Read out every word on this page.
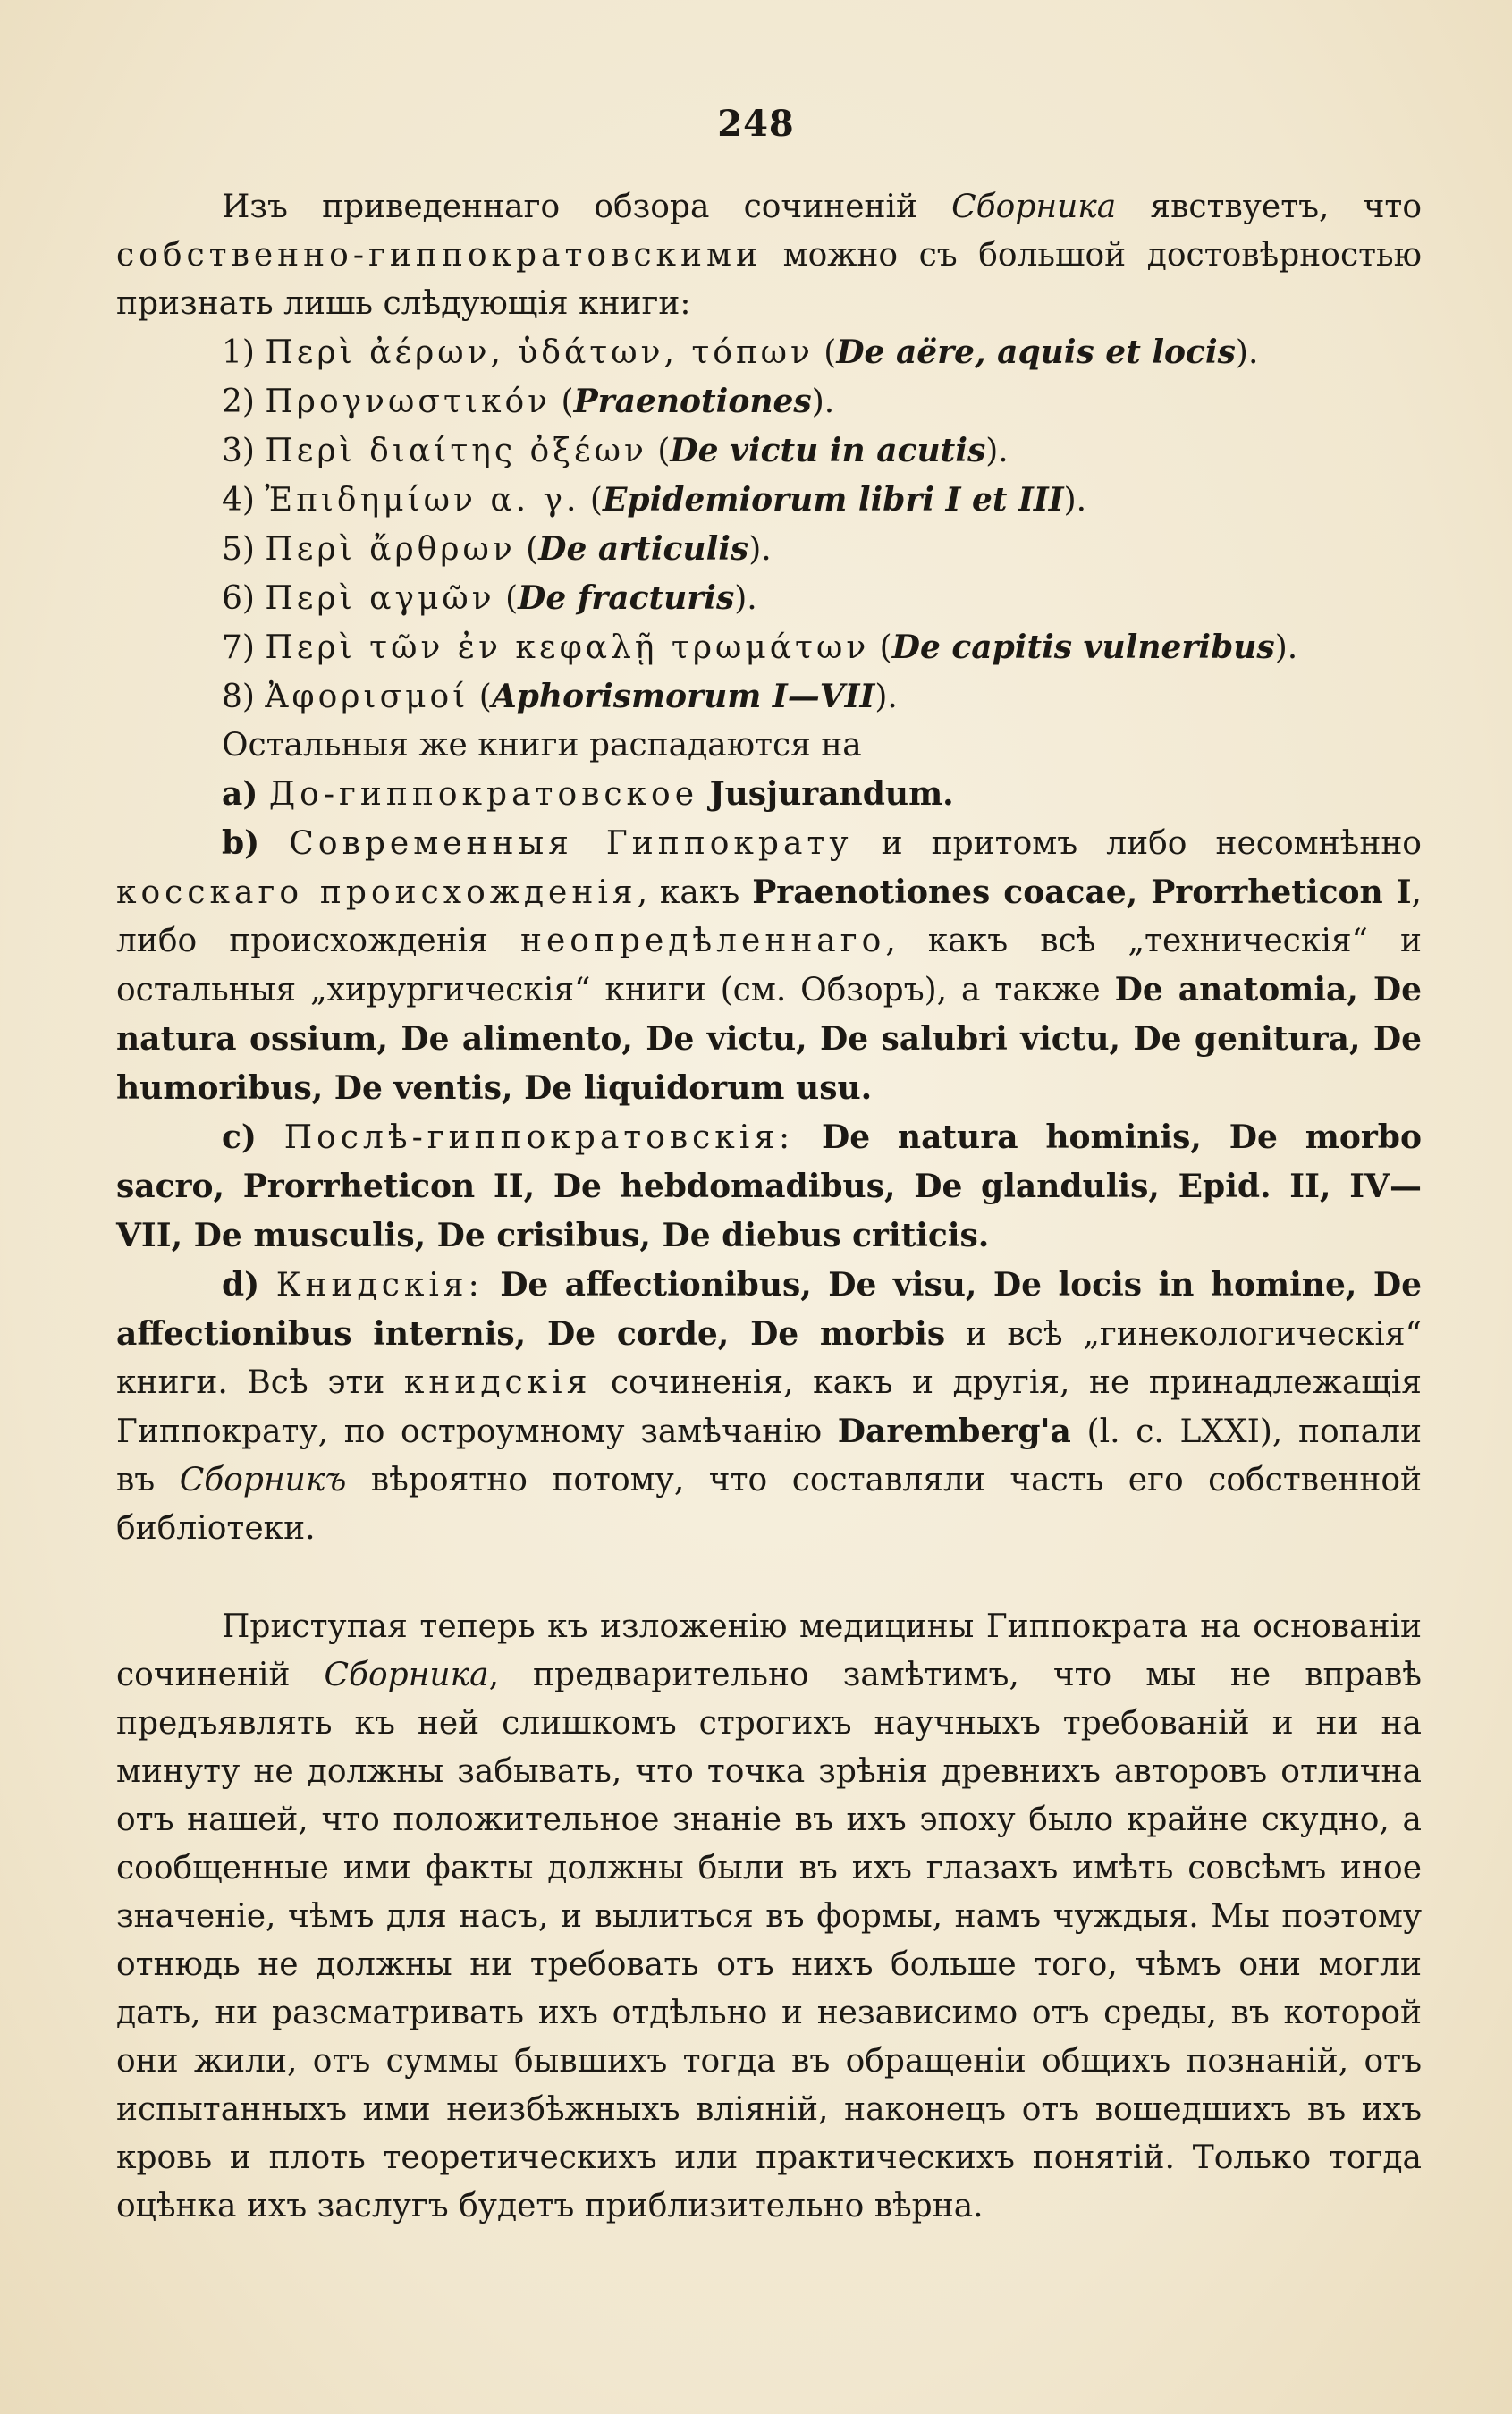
248

Изъ приведеннаго обзора сочиненій Сборника явствуетъ, что собственно-гиппократовскими можно съ большой достовѣрностью признать лишь слѣдующія книги:

1) Περὶ ἀέρων, ὑδάτων, τόπων (De aëre, aquis et locis).

2) Προγνωστικόν (Praenotiones).

3) Περὶ διαίτης ὀξέων (De victu in acutis).

4) Ἐπιδημίων α. γ. (Epidemiorum libri I et III).

5) Περὶ ἄρθρων (De articulis).

6) Περὶ αγμῶν (De fracturis).

7) Περὶ τῶν ἐν κεφαλῇ τρωμάτων (De capitis vulneribus).

8) Ἀφορισμοί (Aphorismorum I—VII).

Остальныя же книги распадаются на

a) До-гиппократовское Jusjurandum.

b) Современныя Гиппократу и притомъ либо несомнѣнно косскаго происхожденія, какъ Praenotiones coacae, Prorrheticon I, либо происхожденія неопредѣленнаго, какъ всѣ „техническія“ и остальныя „хирургическія“ книги (см. Обзоръ), а также De anatomia, De natura ossium, De alimento, De victu, De salubri victu, De genitura, De humoribus, De ventis, De liquidorum usu.

c) Послѣ-гиппократовскія: De natura hominis, De morbo sacro, Prorrheticon II, De hebdomadibus, De glandulis, Epid. II, IV—VII, De musculis, De crisibus, De diebus criticis.

d) Книдскія: De affectionibus, De visu, De locis in homine, De affectionibus internis, De corde, De morbis и всѣ „гинекологическія“ книги. Всѣ эти книдскія сочиненія, какъ и другія, не принадлежащія Гиппократу, по остроумному замѣчанію Daremberg'a (l. c. LXXI), попали въ Сборникъ вѣроятно потому, что составляли часть его собственной библіотеки.

Приступая теперь къ изложенію медицины Гиппократа на основаніи сочиненій Сборника, предварительно замѣтимъ, что мы не вправѣ предъявлять къ ней слишкомъ строгихъ научныхъ требованій и ни на минуту не должны забывать, что точка зрѣнія древнихъ авторовъ отлична отъ нашей, что положительное знаніе въ ихъ эпоху было крайне скудно, а сообщенные ими факты должны были въ ихъ глазахъ имѣть совсѣмъ иное значеніе, чѣмъ для насъ, и вылиться въ формы, намъ чуждыя. Мы поэтому отнюдь не должны ни требовать отъ нихъ больше того, чѣмъ они могли дать, ни разсматривать ихъ отдѣльно и независимо отъ среды, въ которой они жили, отъ суммы бывшихъ тогда въ обращеніи общихъ познаній, отъ испытанныхъ ими неизбѣжныхъ вліяній, наконецъ отъ вошедшихъ въ ихъ кровь и плоть теоретическихъ или практическихъ понятій. Только тогда оцѣнка ихъ заслугъ будетъ приблизительно вѣрна.
